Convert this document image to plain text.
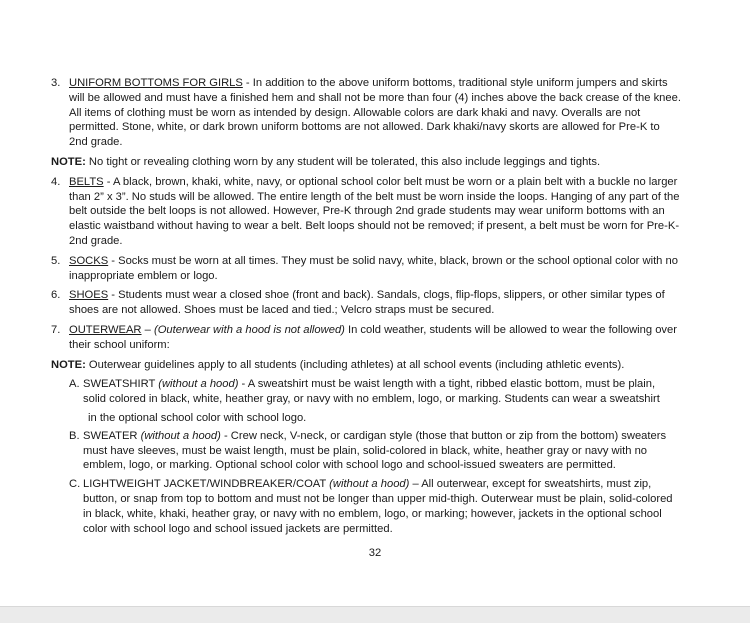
3. UNIFORM BOTTOMS FOR GIRLS - In addition to the above uniform bottoms, traditional style uniform jumpers and skirts will be allowed and must have a finished hem and shall not be more than four (4) inches above the back crease of the knee. All items of clothing must be worn as intended by design. Allowable colors are dark khaki and navy. Overalls are not permitted. Stone, white, or dark brown uniform bottoms are not allowed. Dark khaki/navy skorts are allowed for Pre-K to 2nd grade.
NOTE: No tight or revealing clothing worn by any student will be tolerated, this also include leggings and tights.
4. BELTS - A black, brown, khaki, white, navy, or optional school color belt must be worn or a plain belt with a buckle no larger than 2” x 3”. No studs will be allowed. The entire length of the belt must be worn inside the loops. Hanging of any part of the belt outside the belt loops is not allowed. However, Pre-K through 2nd grade students may wear uniform bottoms with an elastic waistband without having to wear a belt. Belt loops should not be removed; if present, a belt must be worn for Pre-K-2nd grade.
5. SOCKS - Socks must be worn at all times. They must be solid navy, white, black, brown or the school optional color with no inappropriate emblem or logo.
6. SHOES - Students must wear a closed shoe (front and back). Sandals, clogs, flip-flops, slippers, or other similar types of shoes are not allowed. Shoes must be laced and tied.; Velcro straps must be secured.
7. OUTERWEAR – (Outerwear with a hood is not allowed) In cold weather, students will be allowed to wear the following over their school uniform:
NOTE: Outerwear guidelines apply to all students (including athletes) at all school events (including athletic events).
A. SWEATSHIRT (without a hood) - A sweatshirt must be waist length with a tight, ribbed elastic bottom, must be plain, solid colored in black, white, heather gray, or navy with no emblem, logo, or marking. Students can wear a sweatshirt
in the optional school color with school logo.
B. SWEATER (without a hood) - Crew neck, V-neck, or cardigan style (those that button or zip from the bottom) sweaters must have sleeves, must be waist length, must be plain, solid-colored in black, white, heather gray or navy with no emblem, logo, or marking. Optional school color with school logo and school-issued sweaters are permitted.
C. LIGHTWEIGHT JACKET/WINDBREAKER/COAT (without a hood) – All outerwear, except for sweatshirts, must zip, button, or snap from top to bottom and must not be longer than upper mid-thigh. Outerwear must be plain, solid-colored in black, white, khaki, heather gray, or navy with no emblem, logo, or marking; however, jackets in the optional school color with school logo and school issued jackets are permitted.
32
